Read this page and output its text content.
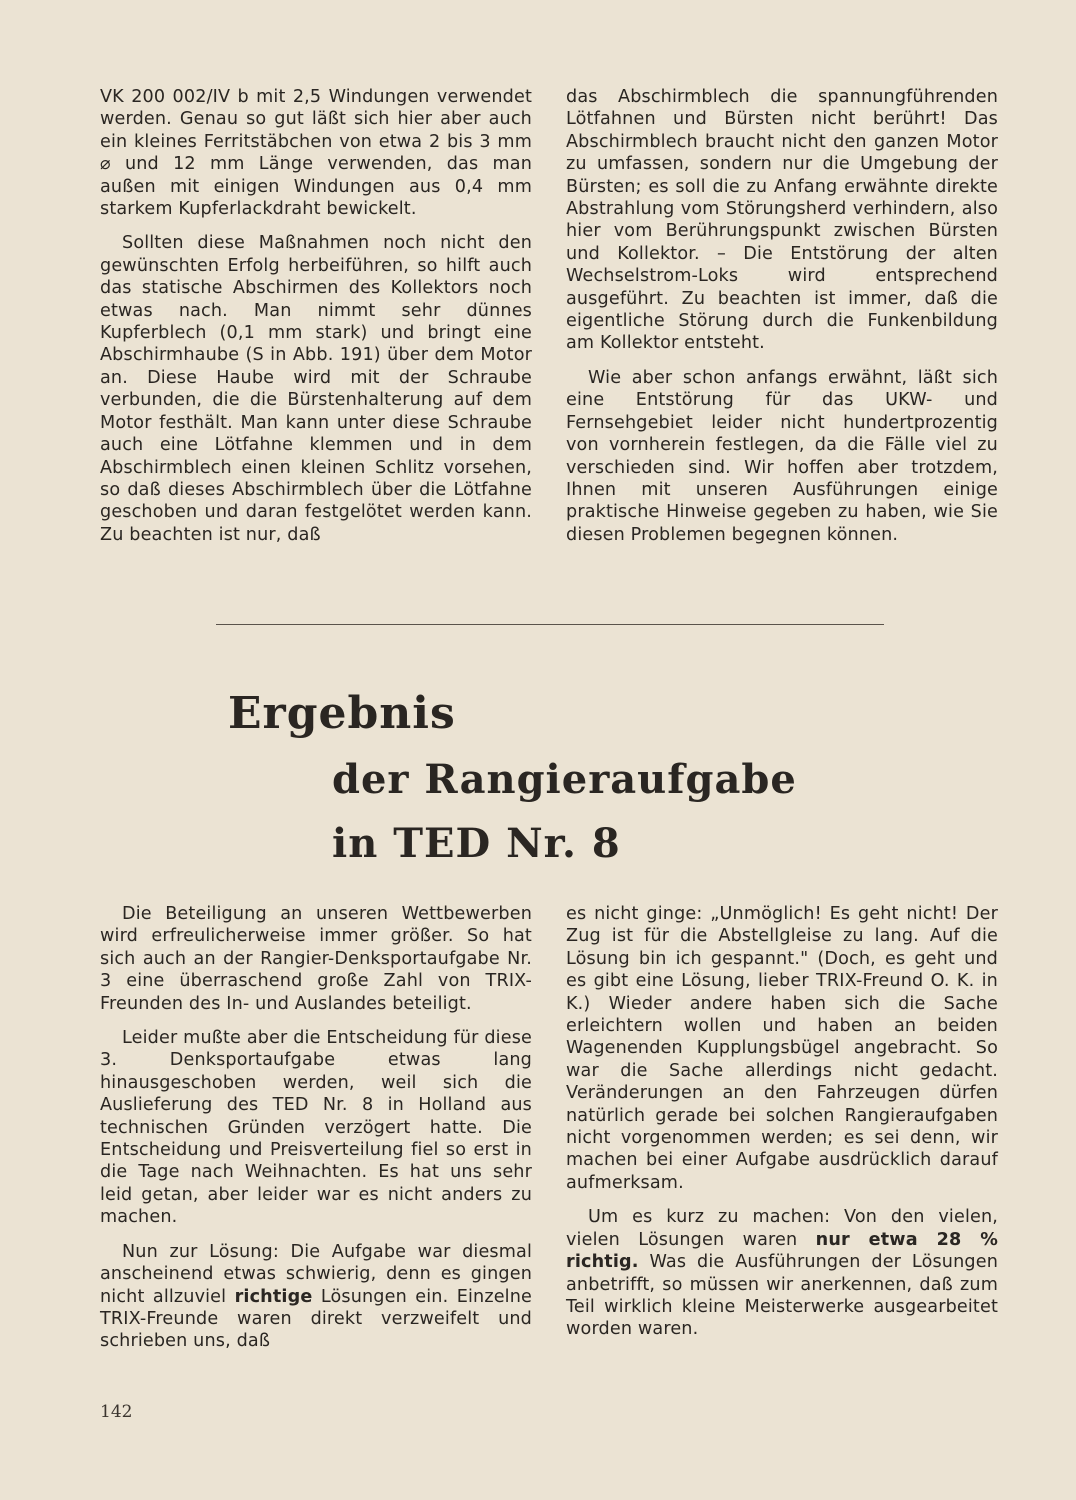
VK 200 002/IV b mit 2,5 Windungen verwendet werden. Genau so gut läßt sich hier aber auch ein kleines Ferritstäbchen von etwa 2 bis 3 mm ⌀ und 12 mm Länge verwenden, das man außen mit einigen Windungen aus 0,4 mm starkem Kupferlackdraht bewickelt.

Sollten diese Maßnahmen noch nicht den gewünschten Erfolg herbeiführen, so hilft auch das statische Abschirmen des Kollektors noch etwas nach. Man nimmt sehr dünnes Kupferblech (0,1 mm stark) und bringt eine Abschirmhaube (S in Abb. 191) über dem Motor an. Diese Haube wird mit der Schraube verbunden, die die Bürstenhalterung auf dem Motor festhält. Man kann unter diese Schraube auch eine Lötfahne klemmen und in dem Abschirmblech einen kleinen Schlitz vorsehen, so daß dieses Abschirmblech über die Lötfahne geschoben und daran festgelötet werden kann. Zu beachten ist nur, daß

das Abschirmblech die spannungführenden Lötfahnen und Bürsten nicht berührt! Das Abschirmblech braucht nicht den ganzen Motor zu umfassen, sondern nur die Umgebung der Bürsten; es soll die zu Anfang erwähnte direkte Abstrahlung vom Störungsherd verhindern, also hier vom Berührungspunkt zwischen Bürsten und Kollektor. – Die Entstörung der alten Wechselstrom-Loks wird entsprechend ausgeführt. Zu beachten ist immer, daß die eigentliche Störung durch die Funkenbildung am Kollektor entsteht.

Wie aber schon anfangs erwähnt, läßt sich eine Entstörung für das UKW- und Fernsehgebiet leider nicht hundertprozentig von vornherein festlegen, da die Fälle viel zu verschieden sind. Wir hoffen aber trotzdem, Ihnen mit unseren Ausführungen einige praktische Hinweise gegeben zu haben, wie Sie diesen Problemen begegnen können.

Ergebnis
der Rangieraufgabe
in TED Nr. 8

Die Beteiligung an unseren Wettbewerben wird erfreulicherweise immer größer. So hat sich auch an der Rangier-Denksportaufgabe Nr. 3 eine überraschend große Zahl von TRIX-Freunden des In- und Auslandes beteiligt.

Leider mußte aber die Entscheidung für diese 3. Denksportaufgabe etwas lang hinausgeschoben werden, weil sich die Auslieferung des TED Nr. 8 in Holland aus technischen Gründen verzögert hatte. Die Entscheidung und Preisverteilung fiel so erst in die Tage nach Weihnachten. Es hat uns sehr leid getan, aber leider war es nicht anders zu machen.

Nun zur Lösung: Die Aufgabe war diesmal anscheinend etwas schwierig, denn es gingen nicht allzuviel richtige Lösungen ein. Einzelne TRIX-Freunde waren direkt verzweifelt und schrieben uns, daß

es nicht ginge: „Unmöglich! Es geht nicht! Der Zug ist für die Abstellgleise zu lang. Auf die Lösung bin ich gespannt." (Doch, es geht und es gibt eine Lösung, lieber TRIX-Freund O. K. in K.) Wieder andere haben sich die Sache erleichtern wollen und haben an beiden Wagenenden Kupplungsbügel angebracht. So war die Sache allerdings nicht gedacht. Veränderungen an den Fahrzeugen dürfen natürlich gerade bei solchen Rangieraufgaben nicht vorgenommen werden; es sei denn, wir machen bei einer Aufgabe ausdrücklich darauf aufmerksam.

Um es kurz zu machen: Von den vielen, vielen Lösungen waren nur etwa 28 % richtig. Was die Ausführungen der Lösungen anbetrifft, so müssen wir anerkennen, daß zum Teil wirklich kleine Meisterwerke ausgearbeitet worden waren.

142
